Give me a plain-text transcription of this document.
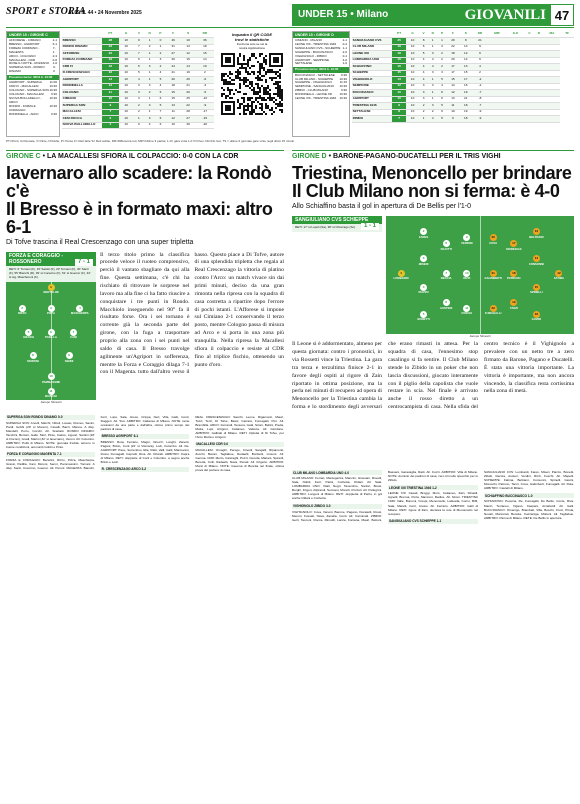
SPORT e STORIA
A. 69 N. 44 • 24 Novembre 2025	UNDER 15 • Milano	GIOVANILI 47
UNDER 15 • GIRONE C
AFFORESE - CIMIANO	2-1
BRESSO - AGRIPORT	6-1
FOREZA CORMANO - MAGENTA
7-1
ARCO - COLOGNO	2-3
MACALLESI - CDR	0-6
ROSE IL NOTTE - ROZZANO 1-0
SUPERGA SON - RONDO DINAMO
0-0
Prossimo turno: 30/11 h. 10:00
AGRIPORT - SUPERGA	11:00
CDR FI - MACALLESI	10:30
COLOGNO - SUPERGA SON 10:30
COLOGNO - MACALLESI 9:30
NUOVA BOLLADELLO - ARCO
10:30
RONDO - FORZA E CORAGGIO
10:30
RONDINELLA - AFFO	9:30
	PT	G	V	N	P	F	S	DR
BRESSO	28	10	9	1	0	46	10	36
RONDO DINAMO	23	10	7	2	1	31	13	18
AFFORESE	22	10	7	1	2	27	12	15
FOREZA CORMANO	19	10	6	1	3	29	15	14
CDR FI	18	10	5	3	2	24	14	10
R.CRESCENZAGO	16	10	5	1	4	21	19	2
AGRIPORT	13	10	4	1	5	20	26	-6
RONDINELLA	12	10	3	3	4	18	21	-3
COLOGNO	11	10	3	2	5	15	20	-5
CIMIANO	10	10	3	1	6	15	25	-10
SUPERGA SON	9	10	2	3	5	13	22	-9
MACALLESI	7	10	2	1	7	11	28	-17
CESI ROCCA	6	10	1	3	6	12	27	-15
NUOVA BOLLADELLO	4	10	0	4	6	10	30	-20
Inquadra il QR CODE
trovi le statistiche
Funziona solo se usi la
nostra Applicazione
UNDER 15 • GIRONE D
CIMIANO - MILANO	2-1
LEONE XIII - TRIESTINA 1946 0-2
SANGIULIANO CVS - SCHIEPPE 1-1
SCHIEPPE - BUCCINASCO	2-0
VIGHIGNOLO - ZIBIDO	0-1
AGRIPORT - SEMPIONE	4-0
SETTALESE	1-0
Prossimo turno: 30/11 h. 10:00
BUCCINASCO - SETTALESE 9:30
CLUB MILANO - SCHIEPPE 10:30
SCHIEPPE - VIGHIGNOLO	11:15
SEMPIONE - SANGIULIANO 10:30
ZIBIDO - CLUB MILANO	9:30
RONDINELLA - LEONE XIII 10:30
LEONE XIII - TRIESTINA 1946 10:30
	PT	G	V	N	P	F	S	DR	MIP	G.K	C	R	MA	TF
SANGIULIANO CVS	25	10	8	1	1	29	8	21						
CLUB MILANO	19	10	6	1	3	22	13	9						
LEONE XIII	18	10	5	3	2	18	12	6						
LOMBARDIA UNO	16	10	4	4	2	20	14	6						
SCHIAFFINO	16	10	4	4	2	17	13	4						
SCHIEPPE	15	10	4	3	3	17	15	2						
VIGHIGNOLO	13	10	4	1	5	15	17	-2						
SEMPIONE	12	10	3	3	4	14	16	-2						
BUCCINASCO	10	10	3	1	6	12	19	-7						
AGRIPORT	10	10	3	1	6	13	21	-8						
TRIESTINA 1946	9	10	2	3	5	11	18	-7						
SETTALESE	8	10	2	2	6	10	19	-9						
ZIBIDO	7	10	1	4	5	9	18	-9						
PT=Punti, G=Giocate, V=Vinte, N=Nulle, P= Perse F= Reti fatte S= Reti subite, DR=Differenza reti, MIP=Ultime 3 partite; 1-0= gara vinta 1-0 O=Over, NG=No Gol, TS = ultime 6 giornate gare vinte negli ultimi 15 minuti
GIRONE C • LA MACALLESI SFIORA IL COLPACCIO: 0-0 CON LA CDR
Iavernaro allo scadere: la Rondò c'è
Il Bresso è in formato maxi: altro 6-1
Di Tofve trascina il Real Crescenzago con una super tripletta
FORZA E CORAGGIO - ROSSONERO	7 - 1
RETI: 6' Tornani (F), 15' Salotti (F), 20' Tornani (F), 30' Santi (F), 55' Bianchi (R), 39' st Cucerino (F), 51' st Guerrer (F), 34' st sig. Mascheroni (F).
1
BERTOLINI
2
RIZZO
3
PIZZA
4
MASCHERPA
5
GRASSI
6
PADILLA
7
CANI
8
MORONI
9
SENNI
10
PAMMASSIMI
11
BIANCHI
Jacopo Silvestri
Il terzo titolo primo la classifica procede veloce il ruoteo comprensivo, perciò il vantato sbagliare da qui alla fine. Questa settimana, c'è chi ha rischiato di ritrovare le sorprese nel lavoro ma alla fine ci ha fatto riuscire a conquistare i tre punti in Rondo. Macchiolo inseguendo nel 90° fa il risultato forse. Ora i sei tornano è corrente già la seconda parte del girone, con la fuga a trasportare proprio alla zona con i sei punti nel saldo di casa. Il Bresso travolge agilmente un'Agriport in sofferenza, mentre la Forza e Coraggio dilaga 7-1 con il Magenta. tutto dall'altro verso il basso. Questo piace a Di Tofve, autore di una splendida tripletta che regala al Real Crescenzago la vittoria di platino contro l'Arco: un match vivace sin dai primi minuti, deciso da una gran rimonta nella ripresa con la squadra di casa costretta a ripartire dopo l'errore di pochi istanti. L'Afforese si impone sul Cimiano 2-1 conservando il terzo posto, mentre Cologno passa di misura ad Arco e si porta in una zona più tranquilla. Nella ripresa la Macallesi sfiora il colpaccio e resiste al CDR fino al triplice fischio, ottenendo un punto d'oro.

SUPERGA SON RONDO DINAMO 0-0
SUPERGA SON: Arvelli, Marchi, Nittoli, Lovato, Romeo, Savini, Pardi, Gobbi (29' st Moreni), Cavalli, Barzi, Manna. A disp. Mandelli, Porro, Cocchi. All. Scarlatti. RONDO DINAMO: Tacchini, Bertoni, Gallo, Mori, Pinto, Calore, Liguori, Santini (18' st Fioroni), Gradi, Marini (32' st Iavernaro), Veroni. All. Colombo. ARBITRO: Puliti di Milano. NOTE: giornata fredda, terreno in buone condizioni, ammoniti Gobbi e Pinto.

FORZA E CORAGGIO MAGENTA 7-1
FORZA E CORAGGIO: Bertolini, Rizzo, Pizza, Mascherpa, Grassi, Padilla, Cani, Moroni, Senni, Pammassimi, Tornani. A disp. Santi, Cucerino, Guerrer. All. Peroni. MAGENTA: Bianchi, Ferri, Lupo, Sala, Greco, Crippa, Neri, Villa, Gatti, Conti, Ruggeri. All. Tosi. ARBITRO: Cattaneo di Milano. NOTE: tante occasioni da una parte e dall'altra, ottimo primo tempo dei padroni di casa.

BRESSO AGRIPORT 6-1
BRESSO: Rota, Ferrario, Magni, Ghezzi, Longhi, Zanetti, Pagani, Brivio, Corti (22' st Vismara), Lodi, Colombo. All. Re. AGRIPORT: Pace, Sorrentino, Elia, Ratti, Valli, Galli, Mantovani, Dossi, Fumagalli, Caprotti, Riva. All. Orlandi. ARBITRO: Capra di Milano. RETI: doppiette di Corti e Colombo, a segno anche Brivio e Lodi.

R. CRESCENZAGO ARCO 3-2
REAL CRESCENZAGO: Sacchi, Leone, Rigamonti, Mauri, Tozzi, Terzi, Di Tofve, Bassi, Carrara, Fumagalli, Pini. All. Brambilla. ARCO: Ferrandi, Tessera, Gatti, Sironi, Bellini, Preda, Motta, Lupi, Arrigoni, Cattaneo, Valtorta. All. Giordano. ARBITRO: Galbiati di Milano. RETI: tripletta di Di Tofve, per l'Arco Motta e Arrigoni.

MACALLESI CDR 0-0
MACALLESI: Ornaghi, Perego, Crivelli, Sangalli, Ripamonti, Zucchi, Baroni, Tagliabue, Redaelli, Bonfanti, Lissoni. All. Gerosa. CDR: Merlo, Casiraghi, Pozzi, Cereda, Mariani, Spinelli, Beretta, Colli, Radaelli, Nava, Penati. All. Frigerio. ARBITRO: Monti di Milano. NOTE: traversa di Beretta nel finale, ottima prova del portiere di casa.

GIRONE D • BARONE-PAGANO-DUCATELLI PER IL TRIS VIGHI
Triestina, Menoncello per brindare
Il Club Milano non si ferma: è 4-0
Allo Schiaffino basta il gol in apertura di De Bellis per l'1-0
SANGIULIANO CVS SCHIEPPE
1 - 1
RETI: 17' st Lupoli (Sa), 38' st Chiorrago (Sc).
1
LOMBARDI
2
FARES
3
MISERI
4
PIAZZO
5
BONETTI
6
ZILIOTTI
7
RECCIA
8
AUSTERI
9
VERDINI
10
RIZZI
11
FOSCHI
12
FATIMA
13
BELTRAMI
14
CONSONNI
15
SPINELLI
16
GAVINI
17
MORESCHI
18
PATRUNO
19
TANZI
20
COVA
21
GALIMBERTI
22
FUMAGALLI
Jacopo Silvestri
Il Leone si è addormentato, almeno per questa giornata: contro i pronostici, in via Rossetti vince la Triestina. La gara tra terza e terzultima finisce 2-1 in favore degli ospiti al rigore di Zain riportato in ottima posizione, ma la perla nei minuti di recupero ad opera di Menoncello per la Triestina cambia la forma e lo stordimento degli avversari che erano rimasti in attesa. Per la squadra di casa, l'ennesimo stop casalingo si fa sentire. Il Club Milano stende lo Zibido in un poker che non lascia discussioni, giocato interamente con il piglio della capolista che vuole restare in scia. Nel finale è arrivato anche il rosso diretto a un centrocampista di casa. Nella sfida del centro tecnico è il Vighignolo a prevalere con un netto tre a zero firmato da Barone, Pagano e Ducatelli. È stata una vittoria importante. La vittoria è importante, ma non ancora vincendo, la classifica resta cortissima nella zona di metà.

CLUB MILANO LOMBARDIA UNO 4-0
CLUB MILANO: Ferrari, Mantegazza, Mancini, Giussani, Rovelli, Sala, Nobili, Ferri, Parisi, Corbetta, Oldani. All. Sala. LOMBARDIA UNO: Vitali, Negri, Tavecchio, Sartori, Bossi, Borghi, Frigeri, Aliprandi, Sormani, Moretti, Pozzoli. All. Pellegrini. ARBITRO: Longoni di Milano. RETI: doppietta di Parisi, in gol anche Oldani e Corbetta.

VIGHIGNOLO ZIBIDO 3-0
VIGHIGNOLO: Cova, Vanoni, Barone, Pagano, Ducatelli, Rossi, Meroni, Fossati, Nava, Zanella, Conti. All. Carminati. ZIBIDO: Gerli, Tacconi, Rocca, Rimoldi, Lanza, Fontana, Mauri, Bettoni, Bassani, Garavaglia, Ratti. All. Cozzi. ARBITRO: Villa di Milano. NOTE: dominio dei padroni di casa, zero tiri nello specchio per lo Zibido.

LEONE XIII TRIESTINA 1946 1-2
LEONE XIII: Casati, Broggi, Moro, Cattaneo, Zain, Rinaldi, Agnelli, Brenna, Porta, Manzoni, Radice. All. Sironi. TRIESTINA 1946: Valle, Bonomi, Crespi, Menoncello, Lattuada, Corno, Biffi, Sala, Marelli, Cerri, Arosio. All. Ferrario. ARBITRO: Galli di Milano. RETI: rigore di Zain, decisiva la rete di Menoncello nel recupero.

SANGIULIANO CVS SCHIEPPE 1-1
SANGIULIANO CVS: Lombardi, Fares, Miseri, Piazzo, Bonetti, Ziliotti, Reccia, Austeri, Verdini, Rizzi, Foschi. All. Mapelli. SCHIEPPE: Fatima, Beltrami, Consonni, Spinelli, Gavini, Moreschi, Patruno, Tanzi, Cova, Galimberti, Fumagalli. All. Rota. ARBITRO: Castelli di Milano.

SCHIAFFINO BUCCINASCO 1-0
SCHIAFFINO: Pessina, Re, Fumagalli, De Bellis, Conte, Riva, Manzi, Terraneo, Viganò, Caspani, Arnaboldi. All. Galli. BUCCINASCO: Orsenigo, Brambati, Villa, Boschi, Croci, Pirola, Novati, Marzorati, Beretta, Cazzaniga, Molteni. All. Tagliabue. ARBITRO: Parma di Milano. RETE: De Bellis in apertura.
